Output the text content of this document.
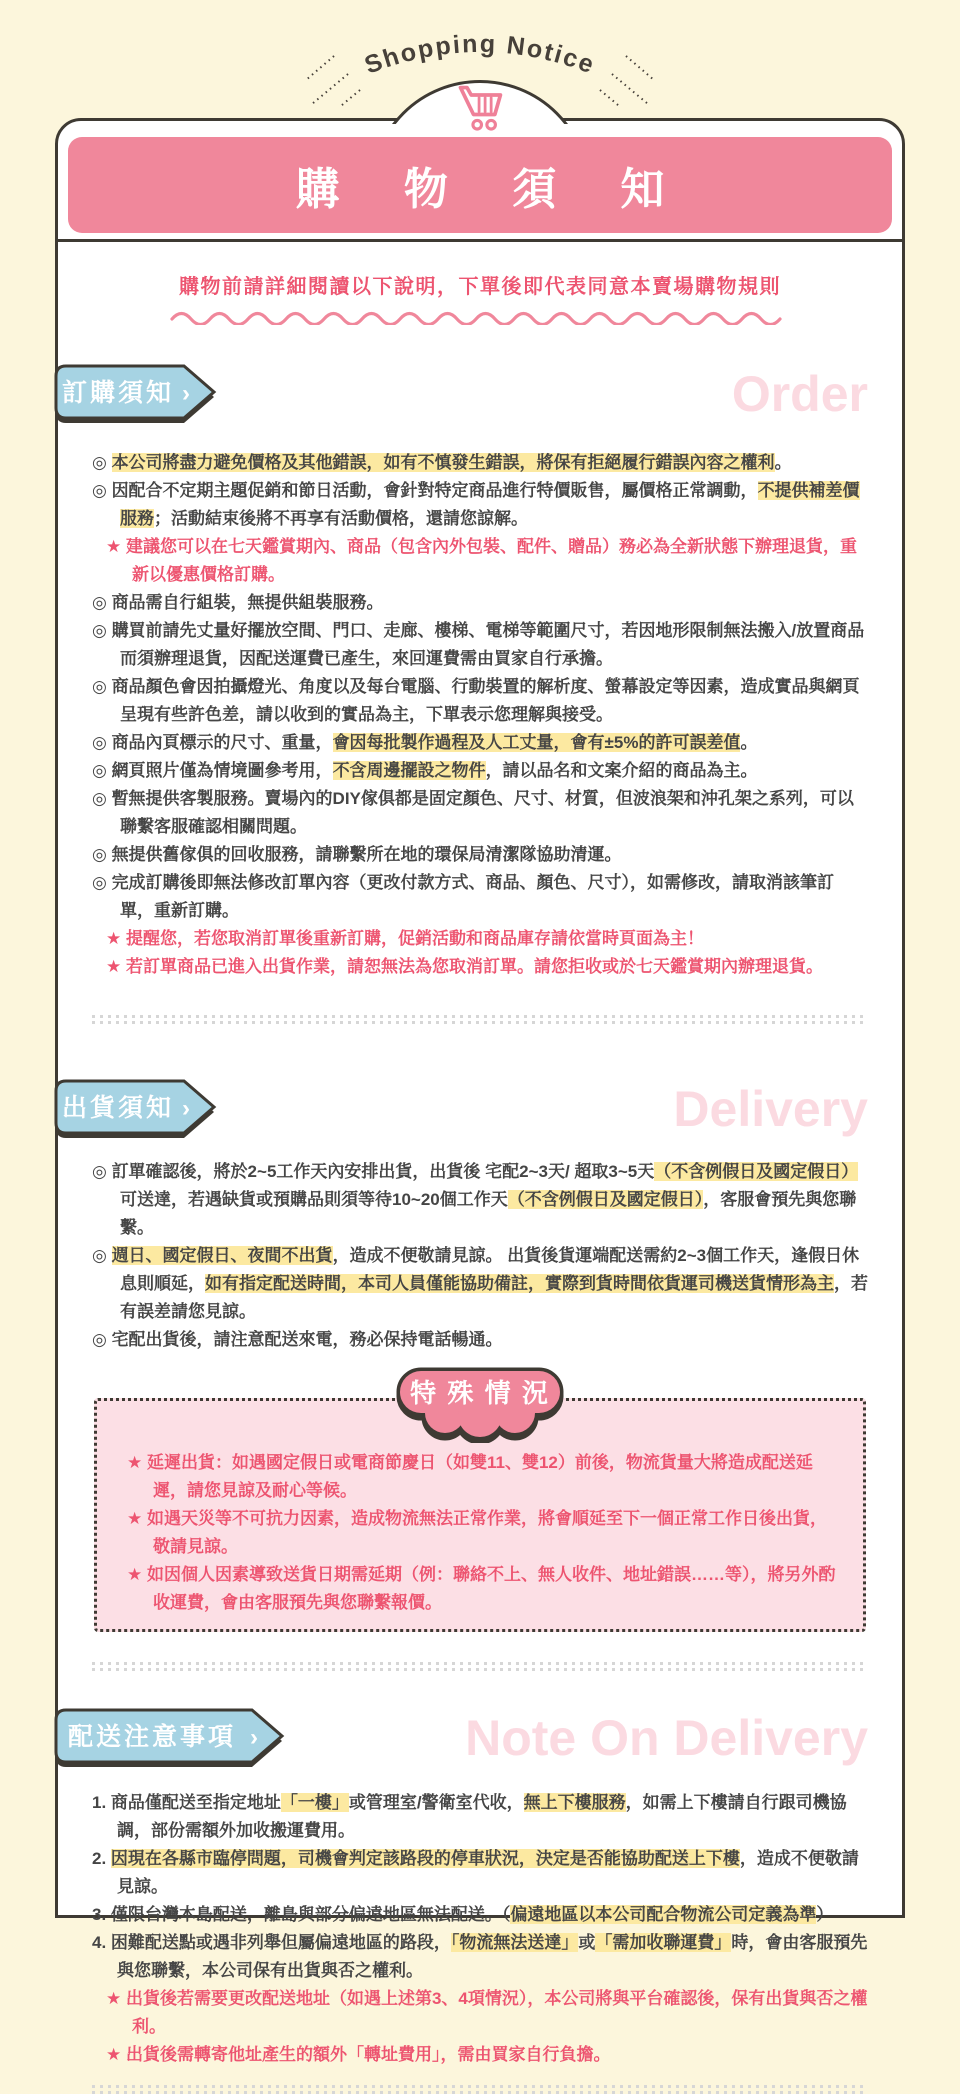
Shopping Notice
購 物 須 知
購物前請詳細閱讀以下說明，下單後即代表同意本賣場購物規則
訂購須知 ›	Order
◎ 本公司將盡力避免價格及其他錯誤，如有不慎發生錯誤，將保有拒絕履行錯誤內容之權利。
◎ 因配合不定期主題促銷和節日活動，會針對特定商品進行特價販售，屬價格正常調動，不提供補差價服務；活動結束後將不再享有活動價格，還請您諒解。
★ 建議您可以在七天鑑賞期內、商品（包含內外包裝、配件、贈品）務必為全新狀態下辦理退貨，重新以優惠價格訂購。
◎ 商品需自行組裝，無提供組裝服務。
◎ 購買前請先丈量好擺放空間、門口、走廊、樓梯、電梯等範圍尺寸，若因地形限制無法搬入/放置商品而須辦理退貨，因配送運費已產生，來回運費需由買家自行承擔。
◎ 商品顏色會因拍攝燈光、角度以及每台電腦、行動裝置的解析度、螢幕設定等因素，造成實品與網頁呈現有些許色差，請以收到的實品為主，下單表示您理解與接受。
◎ 商品內頁標示的尺寸、重量，會因每批製作過程及人工丈量，會有±5%的許可誤差值。
◎ 網頁照片僅為情境圖參考用，不含周邊擺設之物件，請以品名和文案介紹的商品為主。
◎ 暫無提供客製服務。賣場內的DIY傢俱都是固定顏色、尺寸、材質，但波浪架和沖孔架之系列，可以聯繫客服確認相關問題。
◎ 無提供舊傢俱的回收服務，請聯繫所在地的環保局清潔隊協助清運。
◎ 完成訂購後即無法修改訂單內容（更改付款方式、商品、顏色、尺寸），如需修改，請取消該筆訂單，重新訂購。
★ 提醒您，若您取消訂單後重新訂購，促銷活動和商品庫存請依當時頁面為主！
★ 若訂單商品已進入出貨作業，請恕無法為您取消訂單。請您拒收或於七天鑑賞期內辦理退貨。
出貨須知 ›	Delivery
◎ 訂單確認後，將於2~5工作天內安排出貨，出貨後 宅配2~3天/ 超取3~5天（不含例假日及國定假日）可送達，若遇缺貨或預購品則須等待10~20個工作天（不含例假日及國定假日），客服會預先與您聯繫。
◎ 週日、國定假日、夜間不出貨，造成不便敬請見諒。 出貨後貨運端配送需約2~3個工作天，逢假日休息則順延，如有指定配送時間，本司人員僅能協助備註，實際到貨時間依貨運司機送貨情形為主，若有誤差請您見諒。
◎ 宅配出貨後，請注意配送來電，務必保持電話暢通。
特 殊 情 況
★ 延遲出貨：如遇國定假日或電商節慶日（如雙11、雙12）前後，物流貨量大將造成配送延遲，請您見諒及耐心等候。
★ 如遇天災等不可抗力因素，造成物流無法正常作業，將會順延至下一個正常工作日後出貨，敬請見諒。
★ 如因個人因素導致送貨日期需延期（例：聯絡不上、無人收件、地址錯誤……等），將另外酌收運費，會由客服預先與您聯繫報價。
配送注意事項 ›	Note On Delivery
1. 商品僅配送至指定地址「一樓」或管理室/警衛室代收，無上下樓服務，如需上下樓請自行跟司機協調，部份需額外加收搬運費用。
2. 因現在各縣市臨停問題，司機會判定該路段的停車狀況，決定是否能協助配送上下樓，造成不便敬請見諒。
3. 僅限台灣本島配送，離島與部分偏遠地區無法配送。（偏遠地區以本公司配合物流公司定義為準）
4. 困難配送點或遇非列舉但屬偏遠地區的路段，「物流無法送達」或「需加收聯運費」時，會由客服預先與您聯繫，本公司保有出貨與否之權利。
★ 出貨後若需要更改配送地址（如遇上述第3、4項情況），本公司將與平台確認後，保有出貨與否之權利。
★ 出貨後需轉寄他址產生的額外「轉址費用」，需由買家自行負擔。
